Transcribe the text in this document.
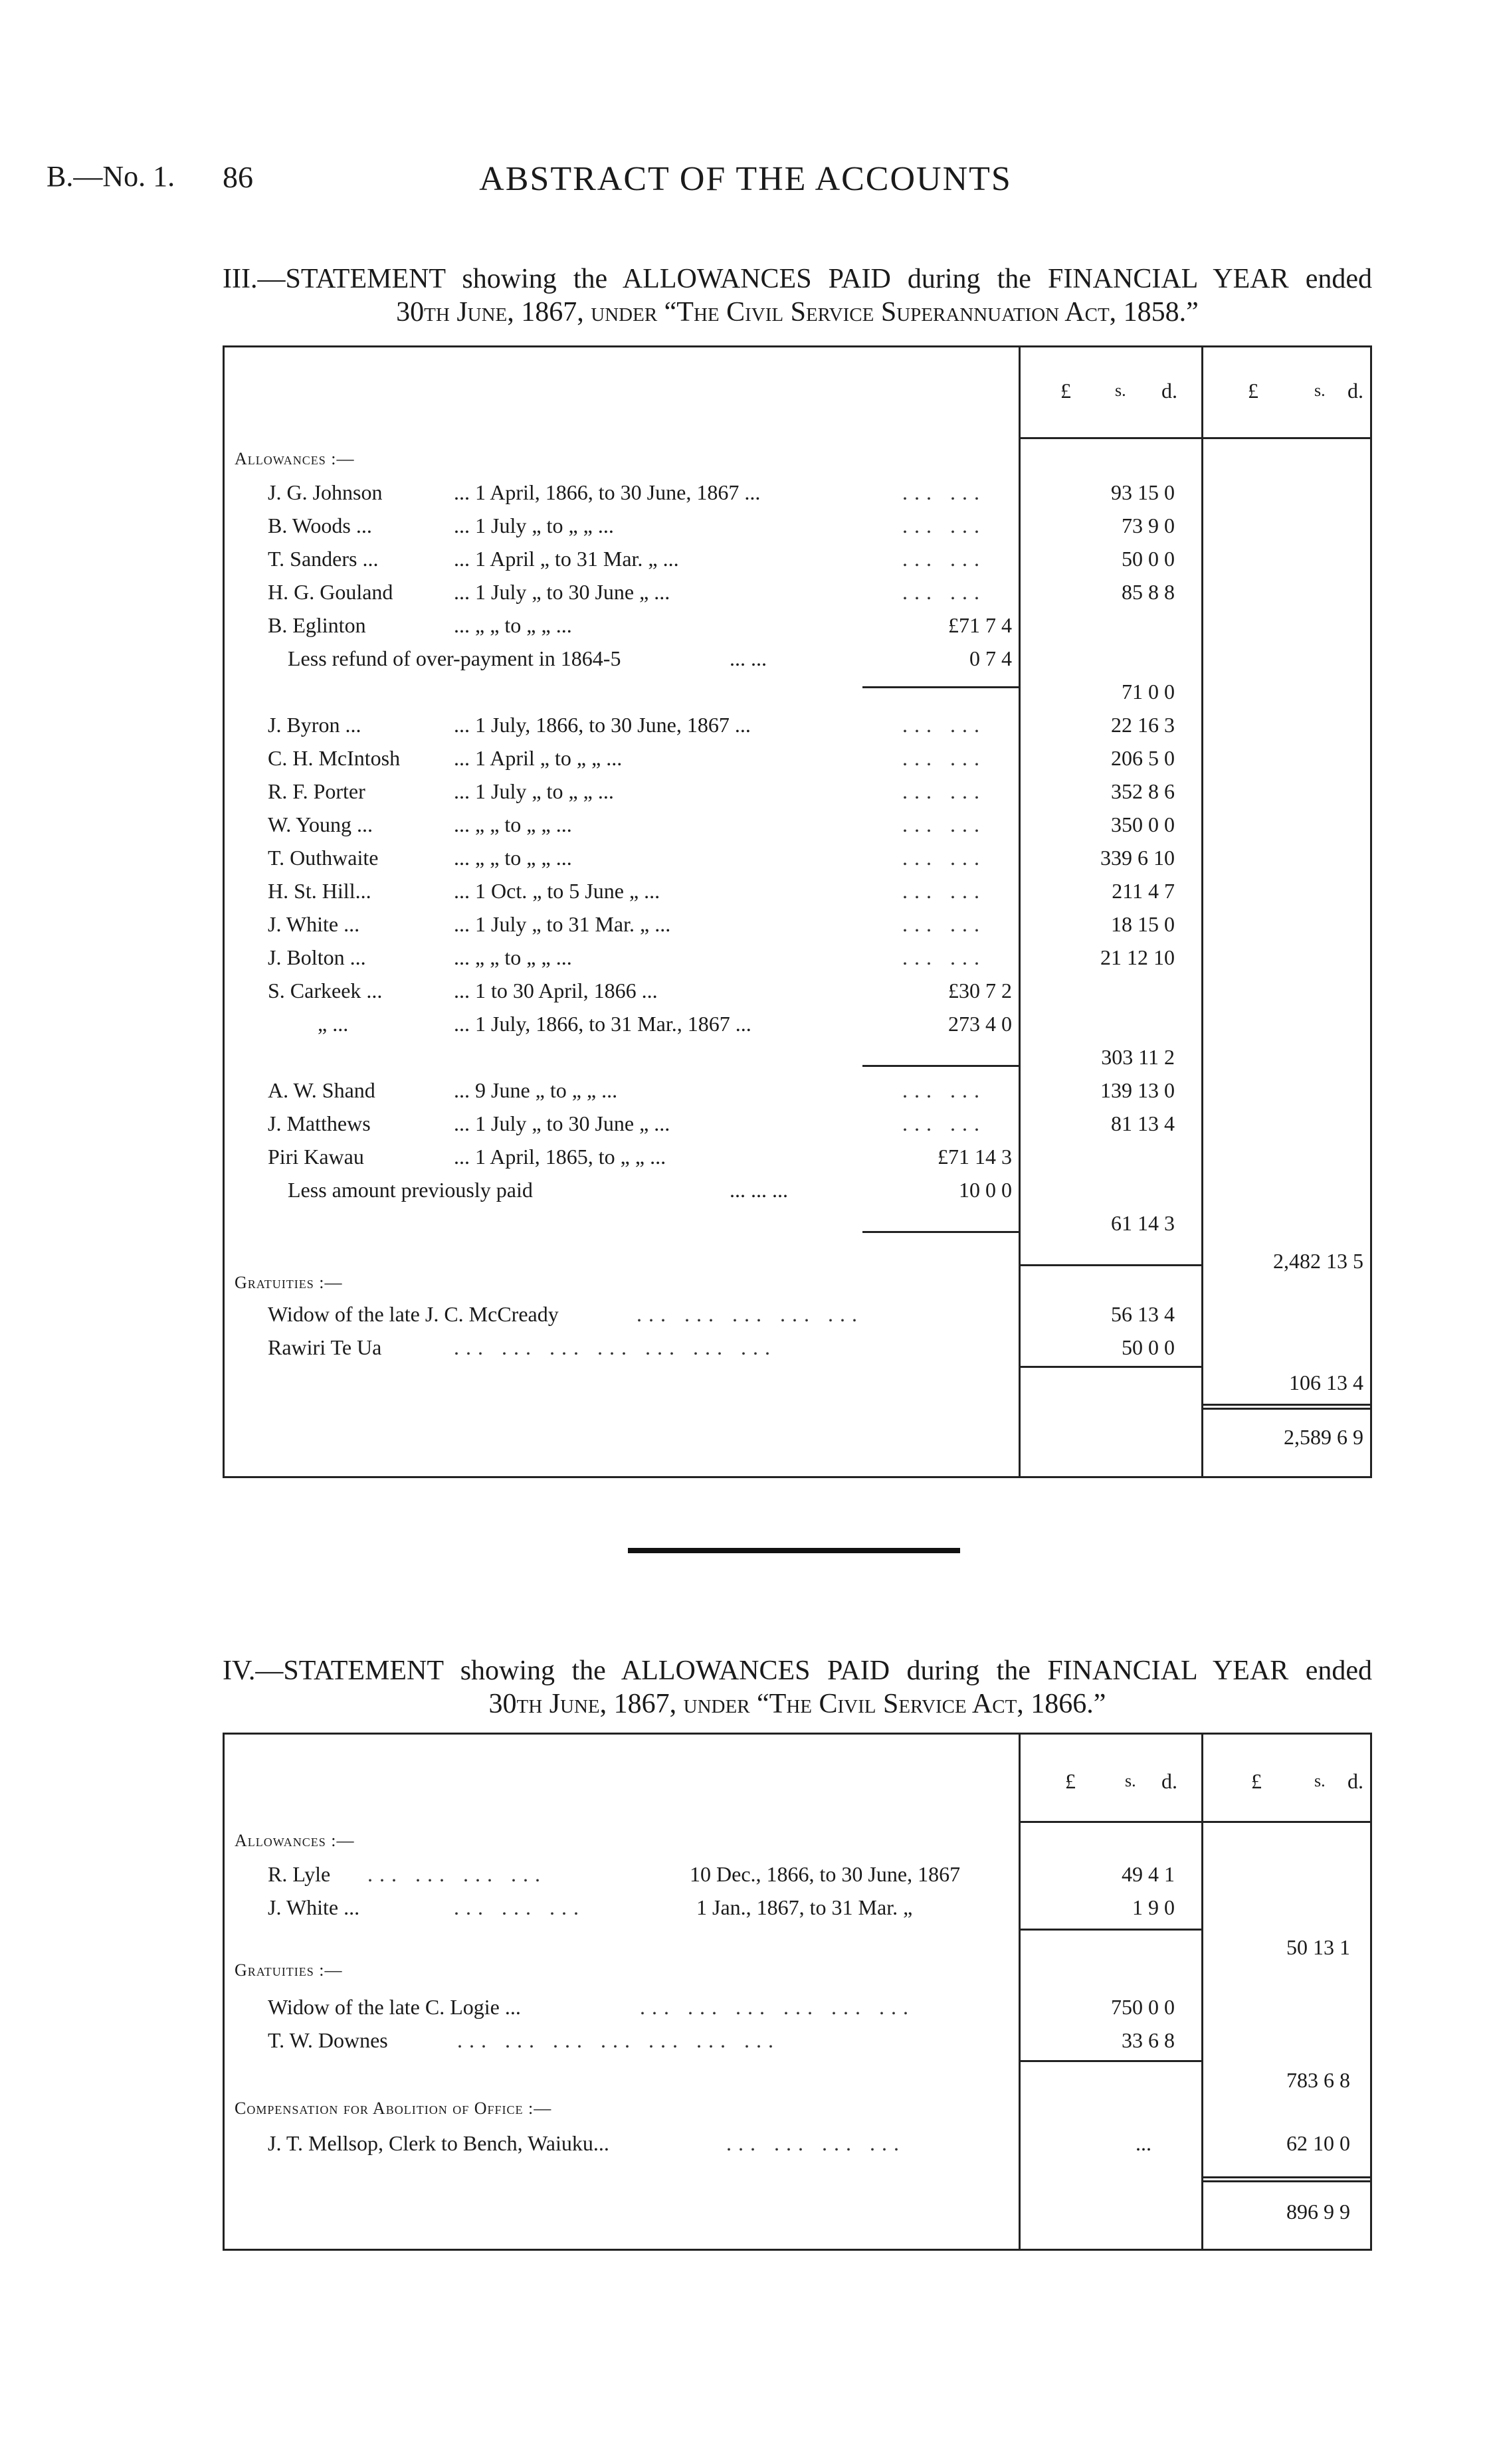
B.—No. 1. 86	ABSTRACT OF THE ACCOUNTS
III.—STATEMENT showing the ALLOWANCES PAID during the FINANCIAL YEAR ended
30th June, 1867, under “The Civil Service Superannuation Act, 1858.”
£	s. d.	£	s. d.
Allowances :—
J. G. Johnson	... 1 April, 1866, to 30 June, 1867 ...	... ...	93 15 0
B. Woods ...	... 1 July „ to „ „ ...	... ...	73 9 0
T. Sanders ...	... 1 April „ to 31 Mar. „ ...	... ...	50 0 0
H. G. Gouland	... 1 July „ to 30 June „ ...	... ...	85 8 8
B. Eglinton	... „ „ to „ „ ...	£71 7 4
Less refund of over-payment in 1864-5	... ...	0 7 4
71 0 0
J. Byron ...	... 1 July, 1866, to 30 June, 1867 ...	... ...	22 16 3
C. H. McIntosh	... 1 April „ to „ „ ...	... ...	206 5 0
R. F. Porter	... 1 July „ to „ „ ...	... ...	352 8 6
W. Young ...	... „ „ to „ „ ...	... ...	350 0 0
T. Outhwaite	... „ „ to „ „ ...	... ...	339 6 10
H. St. Hill...	... 1 Oct. „ to 5 June „ ...	... ...	211 4 7
J. White ...	... 1 July „ to 31 Mar. „ ...	... ...	18 15 0
J. Bolton ...	... „ „ to „ „ ...	... ...	21 12 10
S. Carkeek ...	... 1 to 30 April, 1866 ...	£30 7 2
„ ...	... 1 July, 1866, to 31 Mar., 1867 ...	273 4 0
303 11 2
A. W. Shand	... 9 June „ to „ „ ...	... ...	139 13 0
J. Matthews	... 1 July „ to 30 June „ ...	... ...	81 13 4
Piri Kawau	... 1 April, 1865, to „ „ ...	£71 14 3
Less amount previously paid	... ... ...	10 0 0
61 14 3
2,482 13 5
Gratuities :—
Widow of the late J. C. McCready	... ... ... ... ...	56 13 4
Rawiri Te Ua	... ... ... ... ... ... ...	50 0 0
106 13 4
2,589 6 9
IV.—STATEMENT showing the ALLOWANCES PAID during the FINANCIAL YEAR ended
30th June, 1867, under “The Civil Service Act, 1866.”
£	s. d.	£	s. d.
Allowances :—
R. Lyle ... ... ... ...	10 Dec., 1866, to 30 June, 1867	49 4 1
J. White ...	... ... ...	1 Jan., 1867, to 31 Mar. „	1 9 0
50 13 1
Gratuities :—
Widow of the late C. Logie ...	... ... ... ... ... ...	750 0 0
T. W. Downes	... ... ... ... ... ... ...	33 6 8
783 6 8
Compensation for Abolition of Office :—
J. T. Mellsop, Clerk to Bench, Waiuku...	... ... ... ...	...	62 10 0
896 9 9
